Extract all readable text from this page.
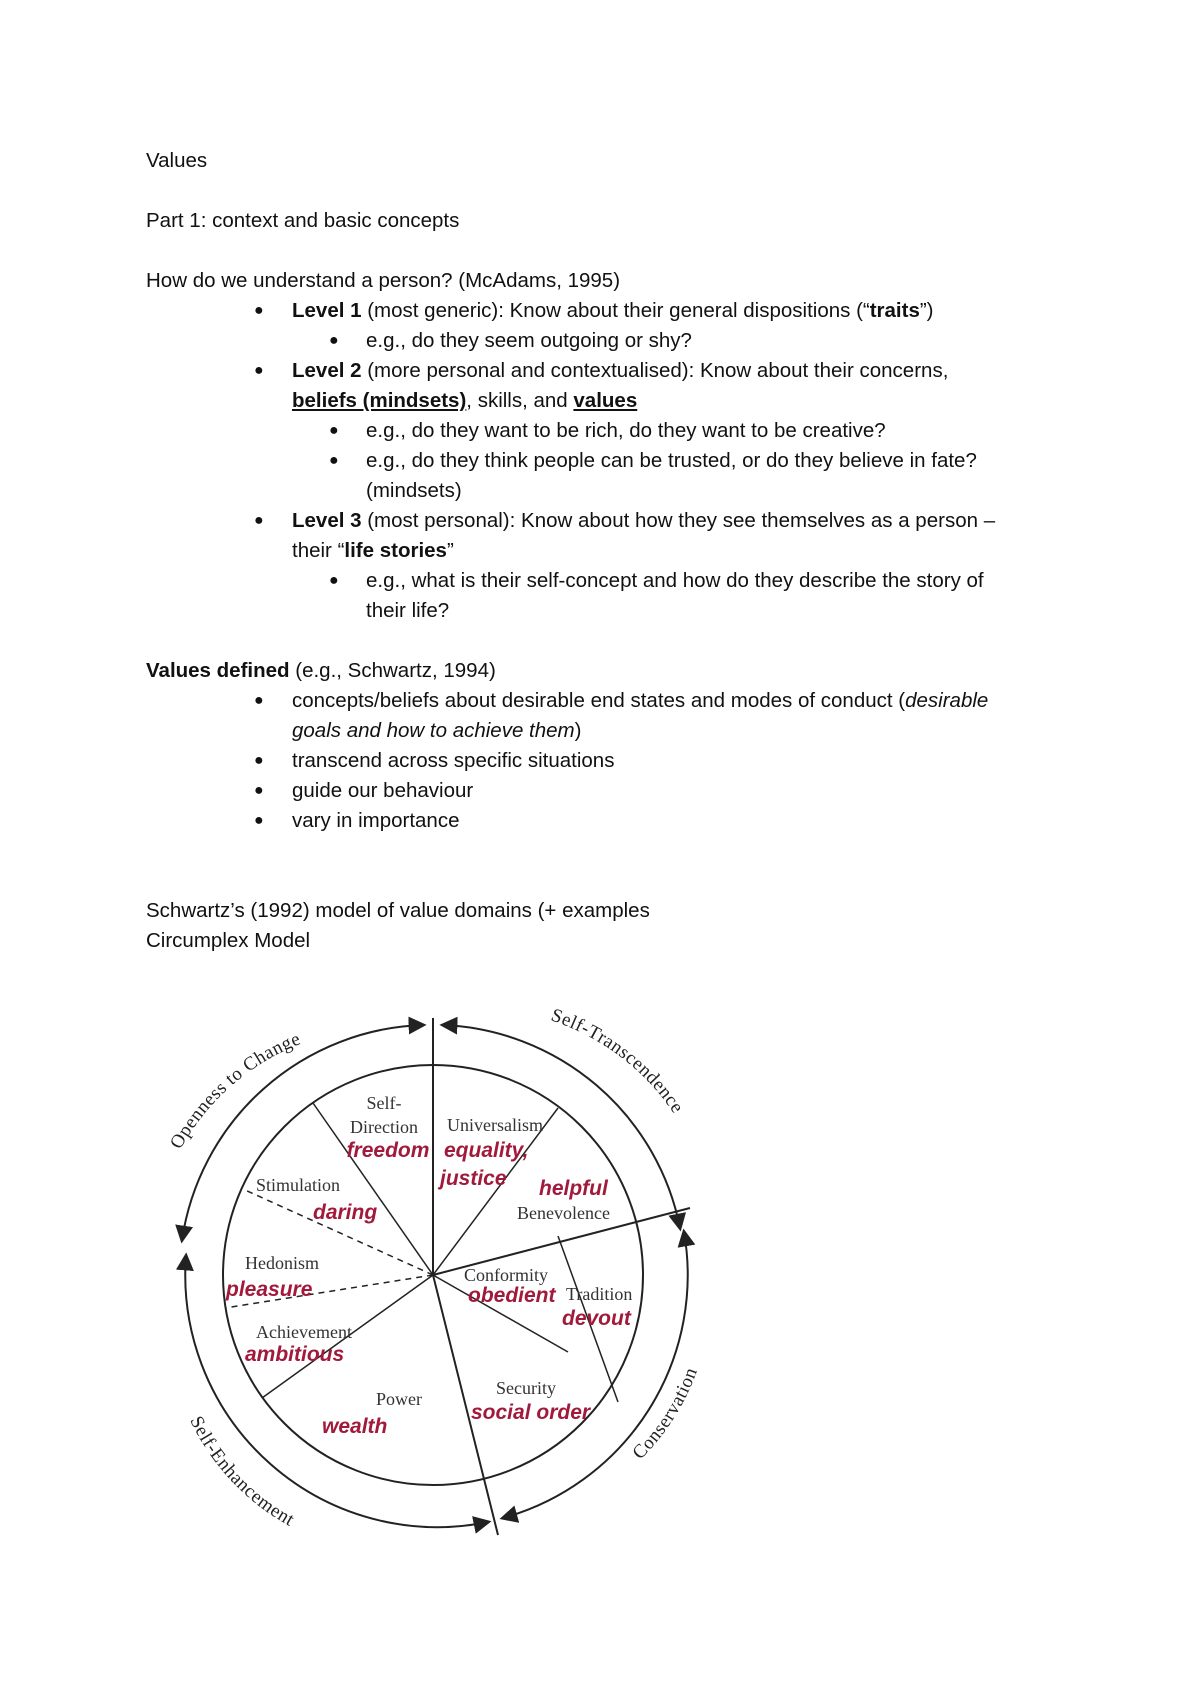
Values
Part 1: context and basic concepts
How do we understand a person? (McAdams, 1995)
● Level 1 (most generic): Know about their general dispositions (“traits”)
● e.g., do they seem outgoing or shy?
● Level 2 (more personal and contextualised): Know about their concerns,
beliefs (mindsets), skills, and values
● e.g., do they want to be rich, do they want to be creative?
● e.g., do they think people can be trusted, or do they believe in fate?
(mindsets)
● Level 3 (most personal): Know about how they see themselves as a person –
their “life stories”
● e.g., what is their self-concept and how do they describe the story of
their life?
Values defined (e.g., Schwartz, 1994)
● concepts/beliefs about desirable end states and modes of conduct (desirable
goals and how to achieve them)
● transcend across specific situations
● guide our behaviour
● vary in importance
Schwartz’s (1992) model of value domains (+ examples
Circumplex Model
Openness to Change
Self-Transcendence
Conservation
Self-Enhancement
Self-
Direction
freedom
Universalism
equality,
justice helpful
Benevolence
Stimulation
daring
Hedonism
pleasure
Conformity
obedient Tradition
devout
Achievement
ambitious
Power
wealth
Security
social order
